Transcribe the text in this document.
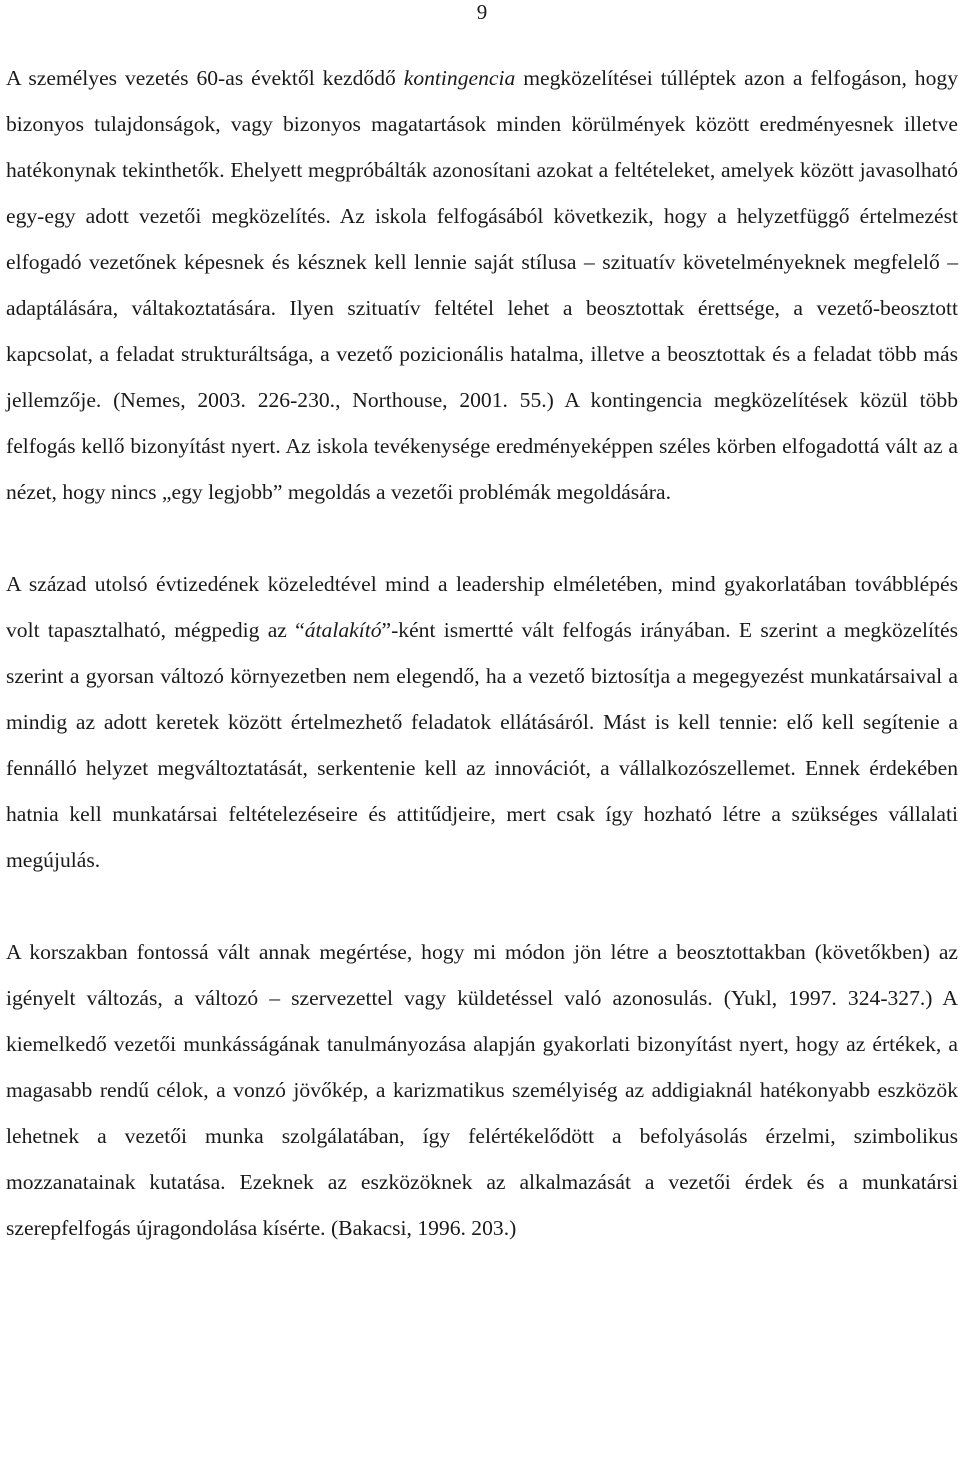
9

A személyes vezetés 60-as évektől kezdődő kontingencia megközelítései túlléptek azon a felfogáson, hogy bizonyos tulajdonságok, vagy bizonyos magatartások minden körülmények között eredményesnek illetve hatékonynak tekinthetők. Ehelyett megpróbálták azonosítani azokat a feltételeket, amelyek között javasolható egy-egy adott vezetői megközelítés. Az iskola felfogásából következik, hogy a helyzetfüggő értelmezést elfogadó vezetőnek képesnek és késznek kell lennie saját stílusa – szituatív követelményeknek megfelelő – adaptálására, váltakoztatására. Ilyen szituatív feltétel lehet a beosztottak érettsége, a vezető-beosztott kapcsolat, a feladat strukturáltsága, a vezető pozicionális hatalma, illetve a beosztottak és a feladat több más jellemzője. (Nemes, 2003. 226-230., Northouse, 2001. 55.) A kontingencia megközelítések közül több felfogás kellő bizonyítást nyert. Az iskola tevékenysége eredményeképpen széles körben elfogadottá vált az a nézet, hogy nincs „egy legjobb” megoldás a vezetői problémák megoldására.

A század utolsó évtizedének közeledtével mind a leadership elméletében, mind gyakorlatában továbblépés volt tapasztalható, mégpedig az “átalakító”-ként ismertté vált felfogás irányában. E szerint a megközelítés szerint a gyorsan változó környezetben nem elegendő, ha a vezető biztosítja a megegyezést munkatársaival a mindig az adott keretek között értelmezhető feladatok ellátásáról. Mást is kell tennie: elő kell segítenie a fennálló helyzet megváltoztatását, serkentenie kell az innovációt, a vállalkozószellemet. Ennek érdekében hatnia kell munkatársai feltételezéseire és attitűdjeire, mert csak így hozható létre a szükséges vállalati megújulás.

A korszakban fontossá vált annak megértése, hogy mi módon jön létre a beosztottakban (követőkben) az igényelt változás, a változó – szervezettel vagy küldetéssel való azonosulás. (Yukl, 1997. 324-327.) A kiemelkedő vezetői munkásságának tanulmányozása alapján gyakorlati bizonyítást nyert, hogy az értékek, a magasabb rendű célok, a vonzó jövőkép, a karizmatikus személyiség az addigiaknál hatékonyabb eszközök lehetnek a vezetői munka szolgálatában, így felértékelődött a befolyásolás érzelmi, szimbolikus mozzanatainak kutatása. Ezeknek az eszközöknek az alkalmazását a vezetői érdek és a munkatársi szerepfelfogás újragondolása kísérte. (Bakacsi, 1996. 203.)
